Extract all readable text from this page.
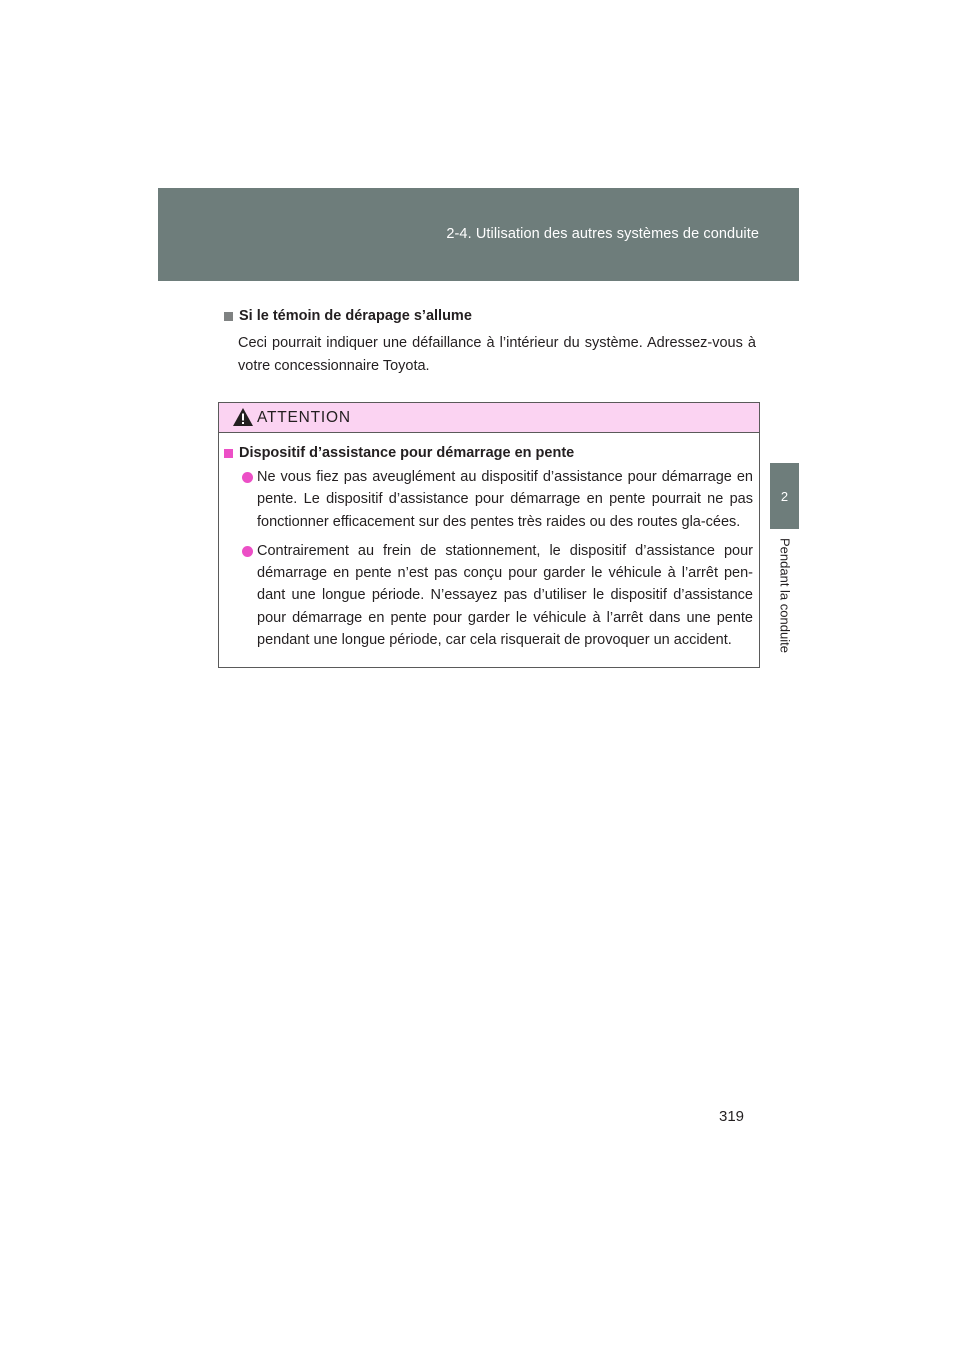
2-4. Utilisation des autres systèmes de conduite
2
Pendant la conduite
Si le témoin de dérapage s’allume
Ceci pourrait indiquer une défaillance à l’intérieur du système. Adressez-vous à votre concessionnaire Toyota.
ATTENTION
Dispositif d’assistance pour démarrage en pente
Ne vous fiez pas aveuglément au dispositif d’assistance pour démarrage en pente. Le dispositif d’assistance pour démarrage en pente pourrait ne pas fonctionner efficacement sur des pentes très raides ou des routes gla-cées.
Contrairement au frein de stationnement, le dispositif d’assistance pour démarrage en pente n’est pas conçu pour garder le véhicule à l’arrêt pen-dant une longue période. N’essayez pas d’utiliser le dispositif d’assistance pour démarrage en pente pour garder le véhicule à l’arrêt dans une pente pendant une longue période, car cela risquerait de provoquer un accident.
319
